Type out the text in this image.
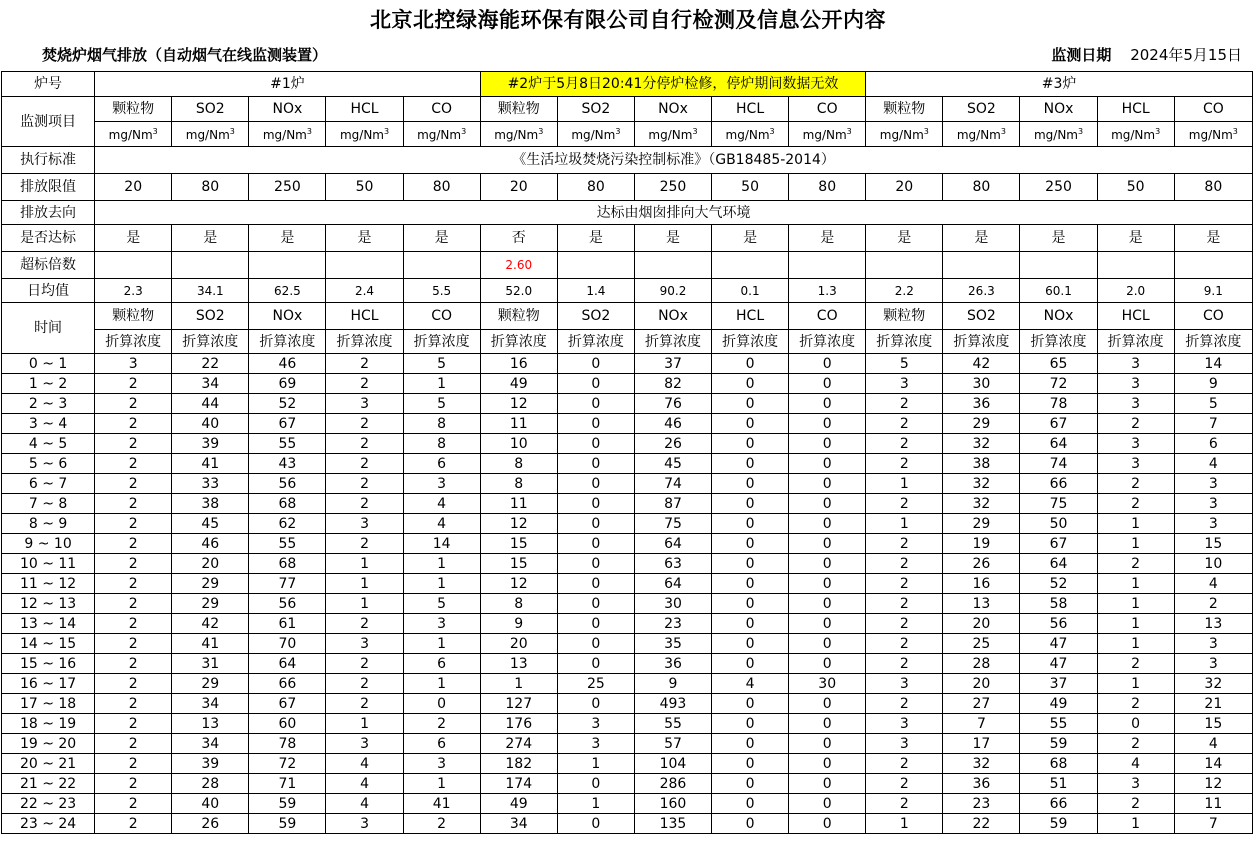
北京北控绿海能环保有限公司自行检测及信息公开内容
焚烧炉烟气排放（自动烟气在线监测装置）	监测日期 2024年5月15日
炉号	#1炉					#2炉于5月8日20:41分停炉检修，停炉期间数据无效					#3炉				
监测项目	颗粒物	SO2	NOx	HCL	CO	颗粒物	SO2	NOx	HCL	CO	颗粒物	SO2	NOx	HCL	CO
	mg/Nm$^3$	mg/Nm$^3$	mg/Nm$^3$	mg/Nm$^3$	mg/Nm$^3$	mg/Nm$^3$	mg/Nm$^3$	mg/Nm$^3$	mg/Nm$^3$	mg/Nm$^3$	mg/Nm$^3$	mg/Nm$^3$	mg/Nm$^3$	mg/Nm$^3$	mg/Nm$^3$
执行标准	《生活垃圾焚烧污染控制标准》（GB18485-2014）														
排放限值	20	80	250	50	80	20	80	250	50	80	20	80	250	50	80
排放去向	达标由烟囱排向大气环境														
是否达标	是	是	是	是	是	否	是	是	是	是	是	是	是	是	是
超标倍数						2.60									
日均值	2.3	34.1	62.5	2.4	5.5	52.0	1.4	90.2	0.1	1.3	2.2	26.3	60.1	2.0	9.1
时间	颗粒物	SO2	NOx	HCL	CO	颗粒物	SO2	NOx	HCL	CO	颗粒物	SO2	NOx	HCL	CO
	折算浓度	折算浓度	折算浓度	折算浓度	折算浓度	折算浓度	折算浓度	折算浓度	折算浓度	折算浓度	折算浓度	折算浓度	折算浓度	折算浓度	折算浓度
0 ~ 1	3	22	46	2	5	16	0	37	0	0	5	42	65	3	14
1 ~ 2	2	34	69	2	1	49	0	82	0	0	3	30	72	3	9
2 ~ 3	2	44	52	3	5	12	0	76	0	0	2	36	78	3	5
3 ~ 4	2	40	67	2	8	11	0	46	0	0	2	29	67	2	7
4 ~ 5	2	39	55	2	8	10	0	26	0	0	2	32	64	3	6
5 ~ 6	2	41	43	2	6	8	0	45	0	0	2	38	74	3	4
6 ~ 7	2	33	56	2	3	8	0	74	0	0	1	32	66	2	3
7 ~ 8	2	38	68	2	4	11	0	87	0	0	2	32	75	2	3
8 ~ 9	2	45	62	3	4	12	0	75	0	0	1	29	50	1	3
9 ~ 10	2	46	55	2	14	15	0	64	0	0	2	19	67	1	15
10 ~ 11	2	20	68	1	1	15	0	63	0	0	2	26	64	2	10
11 ~ 12	2	29	77	1	1	12	0	64	0	0	2	16	52	1	4
12 ~ 13	2	29	56	1	5	8	0	30	0	0	2	13	58	1	2
13 ~ 14	2	42	61	2	3	9	0	23	0	0	2	20	56	1	13
14 ~ 15	2	41	70	3	1	20	0	35	0	0	2	25	47	1	3
15 ~ 16	2	31	64	2	6	13	0	36	0	0	2	28	47	2	3
16 ~ 17	2	29	66	2	1	1	25	9	4	30	3	20	37	1	32
17 ~ 18	2	34	67	2	0	127	0	493	0	0	2	27	49	2	21
18 ~ 19	2	13	60	1	2	176	3	55	0	0	3	7	55	0	15
19 ~ 20	2	34	78	3	6	274	3	57	0	0	3	17	59	2	4
20 ~ 21	2	39	72	4	3	182	1	104	0	0	2	32	68	4	14
21 ~ 22	2	28	71	4	1	174	0	286	0	0	2	36	51	3	12
22 ~ 23	2	40	59	4	41	49	1	160	0	0	2	23	66	2	11
23 ~ 24	2	26	59	3	2	34	0	135	0	0	1	22	59	1	7
